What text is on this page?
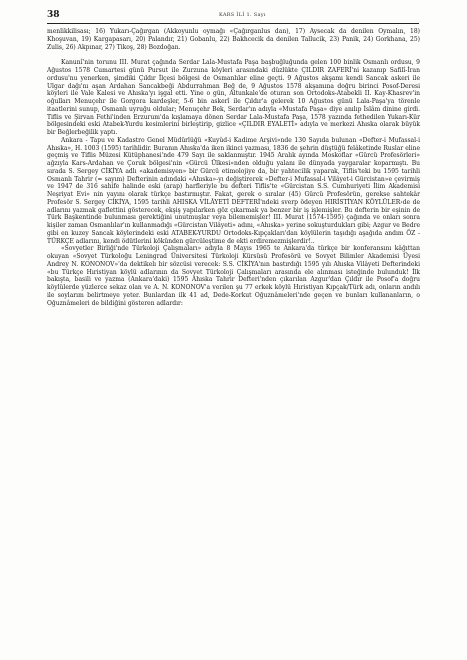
38	KARS İLİ 1. Sayı

menlikkilisası; 16) Yukarı-Çağırgan (Akkoyunlu oymağı «Çağırganlus dan), 17) Aysecak da denilen Oymalın, 18) Khoşuvan, 19) Kargapasarı, 20) Palandır, 21) Gobanlu, 22) Bakhcecik da denilen Tallucik, 23) Panik, 24) Gorkhana, 25) Zulis, 26) Akpınar, 27) Tikoş, 28) Bozdoğan.

Kanunî'nin torunu III. Murat çağında Serdar Lala-Mustafa Paşa başbuğluğunda gelen 100 binlik Osmanlı ordusu, 9 Ağustos 1578 Cumartesi günü Pursut ile Zurzuna köyleri arasındaki düzlükte ÇILDIR ZAFERİ'ni kazanıp Safilî-İran ordusu'nu yenerken, şimdiki Çıldır İlçesi bölgesi de Osmanlılar eline geçti. 9 Ağustos akşamı kendi Sancak askeri ile Ulgar dağı'nı aşan Ardahan Sancakbeği Abdurrahman Beğ de, 9 Ağustos 1578 akşamına doğru birinci Posof-Deresi köyleri ile Vale Kalesi ve Ahıska'yı işgal etti. Yine o gün, Altunkale'de oturan son Ortodoks-Atabekli II. Kay-Khasrev'in oğulları Menuçehr ile Gorgora kardeşler, 5-6 bin askerî ile Çıldır'a gelerek 10 Ağustos günü Lala-Paşa'ya törenle itaatlerini sunup, Osmanlı uyruğu oldular; Menuçehr Bek, Serdar'ın adıyla «Mustafa Paşa» diye anılıp İslâm dinine girdi. Tiflis ve Şirvan Fethi'inden Erzurum'da kışlamaya dönen Serdar Lala-Mustafa Paşa, 1578 yazında fethedilen Yukarı-Kür bölgesindeki eski Atabek-Yurdu kesimlerini birleştirip, gizlice «ÇILDIR EYALETİ» adıyla ve merkezi Ahıska olarak büyük bir Beğlerbeğilik yaptı.

Ankara - Tapu ve Kadastro Genel Müdürlüğü «Kuyûd-i Kadime Arşivi»nde 130 Sayıda bulunan «Defter-i Mufassal-i Ahıska», H. 1003 (1595) tarihlidir. Buranın Ahıska'da iken ikinci yazması, 1836 de şehrin düştüğü felâketinde Ruslar eline geçmiş ve Tiflis Müzesi Kütüphanesi'nde 479 Sayı ile saklanmıştır. 1945 Aralık ayında Moskoflar «Gürcü Profesörleri» ağzıyla Kars-Ardahan ve Çoruk bölgesi'nin «Gürcü Ülkesi»nden olduğu yalanı ile dünyada yaygaralar koparmıştı. Bu sırada S. Sergey CİKİYA adlı «akademisyen» bir Gürcü etimolojiye da, bir yahtecilik yaparak, Tiflis'teki bu 1595 tarihli Osmanlı Tahrir (= sayım) Defterinin adındaki «Ahıska»-yı değiştirerek «Defter-i Mufassal-i Vilâyet-i Gürcistan»e çevirmiş ve 1947 de 316 sahife halinde eski (arap) harfleriyle bu defteri Tiflis'te «Gürcistan S.S. Cumhuriyeti İlim Akademisi Neşriyat Evi» nin yayını olarak türkçe bastırmıştır. Fakat, gerek o sıralar (45) Gürcü Profesörün, gerekse sahtekâr Profesör S. Sergey CİKİYA, 1595 tarihli AHISKA VİLÂYETİ DEFTERİ'ndeki sverp ödeyen HIRİSTİYAN KÖYLÜLER›de de adlarını yazmak gaflettini gösterecek, ekşiş yapılarken göz çıkarmak ya benzer bir iş işlemişler. Bu defterin bir eşinin de Türk Başkentinde bulunması gerektiğini unutmuşlar veya bilememişler! III. Murat (1574-1595) çağında ve onları sonra kişiler zaman Osmanlılar'ın kullanmadığı «Gürcistan Vilâyeti» adını, «Ahıska» yerine sokuşturdukları gibi; Azgur ve Bedre gibi en kuzey Sancak köylerindeki eski ATABEK-YURDU Ortodoks-Kıpçakları'dan köylülerin taşıdığı aşağıda andım ÖZ - TÜRKÇE adlarını, kendi ödütlerini kökünden gürcüleştime de ekti erdiremezmişlerdir!..

«Sovyetler Birliği'nde Türkoloji Çalışmaları» adıyla 8 Mayıs 1965 te Ankara'da türkçe bir konferansını kâğıttan okuyan «Sovyet Türkoloğu Leningrad Üniversitesi Türkoloji Kürsüsü Profesörü ve Sovyet Bilimler Akademisi Üyesi Andrey N. KONONOV»'da dektikelı bir sözcüsi verecek: S.S. CİKİYA'nın bastırdığı 1595 yılı Ahıska Vilâyeti Defterindeki «bu Türkçe Hıristiyan köylü adlarının da Sovyet Türkoloji Çalışmaları arasında ele alınması isteğinde bulunduk! İlk bakışta, basili ve yazma (Ankara'daki) 1595 Ahıska Tahrir Defteri'nden çıkarılan Azgur'dan Çıldır ile Posof'a doğru köylülerde yüzlerce sekaz olan ve A. N. KONONOV'a verilen şu 77 erkek köylü Hıristiyan Kıpçak/Türk adı, onların andılı ile soylarım belirtmeye yeter. Bunlardan ilk 41 ad, Dede-Korkut Oğuznâmeleri'nde geçen ve bunları kullananların, o Oğuznâmeleri de bildiğini gösteren adlardır:
